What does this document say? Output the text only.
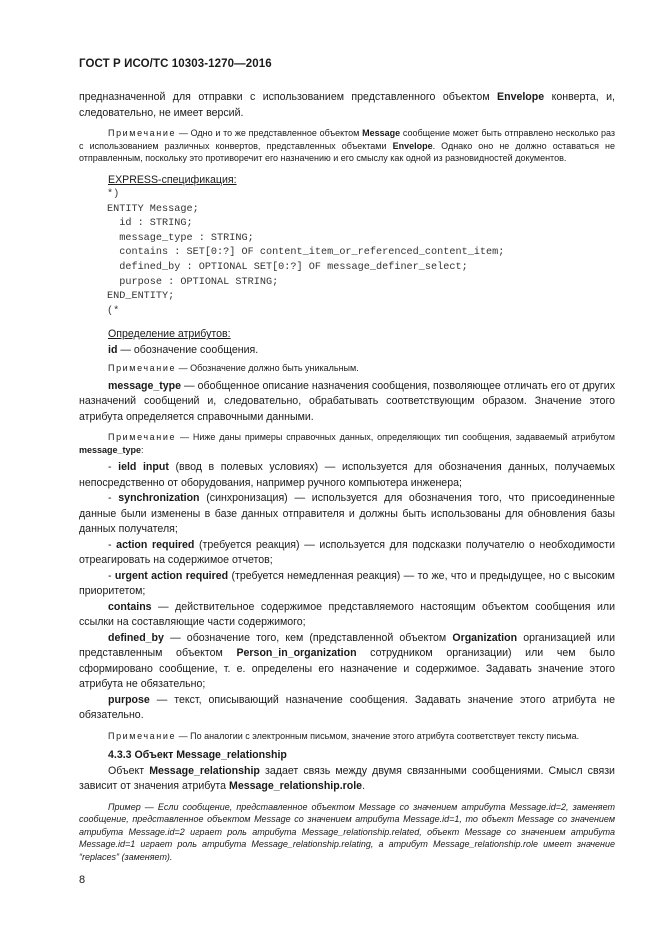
ГОСТ Р ИСО/ТС 10303-1270—2016

предназначенной для отправки с использованием представленного объектом Envelope конверта, и, следовательно, не имеет версий.

Примечание — Одно и то же представленное объектом Message сообщение может быть отправлено несколько раз с использованием различных конвертов, представленных объектами Envelope. Однако оно не должно оставаться не отправленным, поскольку это противоречит его назначению и его смыслу как одной из разновидностей документов.

EXPRESS-спецификация:

*)
ENTITY Message;
id : STRING;
message_type : STRING;
contains : SET[0:?] OF content_item_or_referenced_content_item;
defined_by : OPTIONAL SET[0:?] OF message_definer_select;
purpose : OPTIONAL STRING;
END_ENTITY;
(*

Определение атрибутов:

id — обозначение сообщения.

Примечание — Обозначение должно быть уникальным.

message_type — обобщенное описание назначения сообщения, позволяющее отличать его от других назначений сообщений и, следовательно, обрабатывать соответствующим образом. Значение этого атрибута определяется справочными данными.

Примечание — Ниже даны примеры справочных данных, определяющих тип сообщения, задаваемый атрибутом message_type:

- ield input (ввод в полевых условиях) — используется для обозначения данных, получаемых непосредственно от оборудования, например ручного компьютера инженера;

- synchronization (синхронизация) — используется для обозначения того, что присоединенные данные были изменены в базе данных отправителя и должны быть использованы для обновления базы данных получателя;

- action required (требуется реакция) — используется для подсказки получателю о необходимости отреагировать на содержимое отчетов;

- urgent action required (требуется немедленная реакция) — то же, что и предыдущее, но с высоким приоритетом;

contains — действительное содержимое представляемого настоящим объектом сообщения или ссылки на составляющие части содержимого;

defined_by — обозначение того, кем (представленной объектом Organization организацией или представленным объектом Person_in_organization сотрудником организации) или чем было сформировано сообщение, т. е. определены его назначение и содержимое. Задавать значение этого атрибута не обязательно;

purpose — текст, описывающий назначение сообщения. Задавать значение этого атрибута не обязательно.

Примечание — По аналогии с электронным письмом, значение этого атрибута соответствует тексту письма.

4.3.3 Объект Message_relationship

Объект Message_relationship задает связь между двумя связанными сообщениями. Смысл связи зависит от значения атрибута Message_relationship.role.

Пример — Если сообщение, представленное объектом Message со значением атрибута Message.id=2, заменяет сообщение, представленное объектом Message со значением атрибута Message.id=1, то объект Message со значением атрибута Message.id=2 играет роль атрибута Message_relationship.related, объект Message со значением атрибута Message.id=1 играет роль атрибута Message_relationship.relating, а атрибут Message_relationship.role имеет значение “replaces” (заменяет).

8
